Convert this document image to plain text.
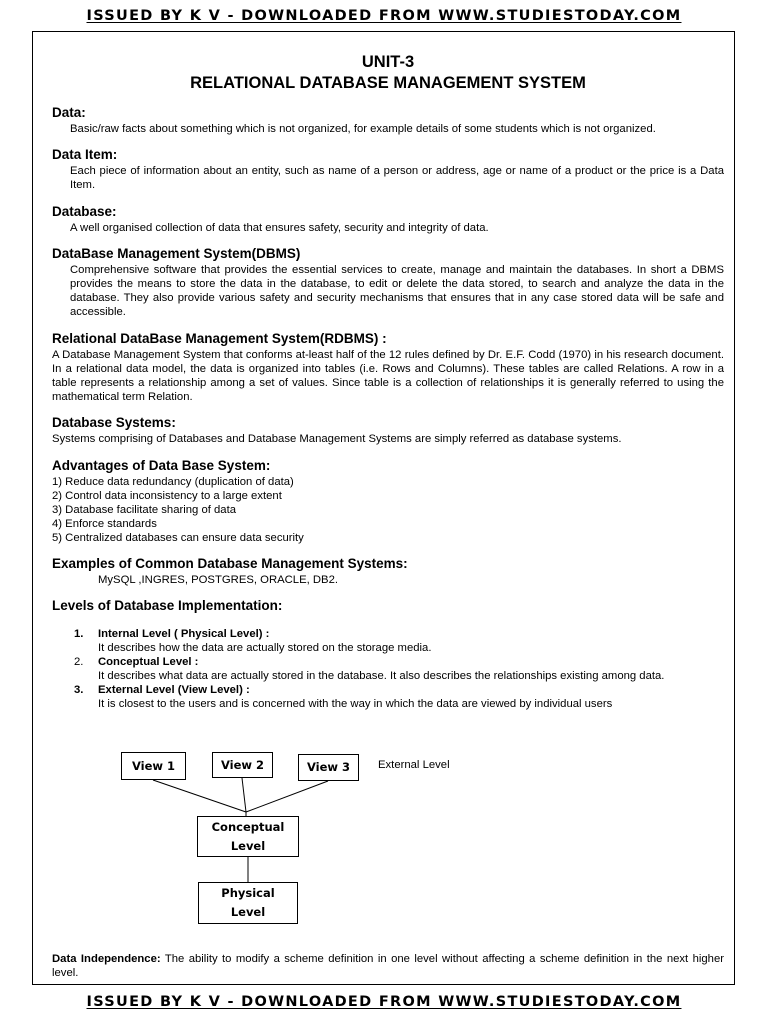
ISSUED BY K V - DOWNLOADED FROM WWW.STUDIESTODAY.COM
UNIT-3
RELATIONAL DATABASE MANAGEMENT SYSTEM
Data:
Basic/raw facts about something which is not organized, for example details of some students which is not organized.
Data Item:
Each piece of information about an entity, such as name of a person or address, age or name of a product or the price is a Data Item.
Database:
A well organised collection of data that ensures safety, security and integrity of data.
DataBase Management System(DBMS)
Comprehensive software that provides the essential services to create, manage and maintain the databases. In short a DBMS provides the means to store the data in the database, to edit or delete the data stored, to search and analyze the data in the database. They also provide various safety and security mechanisms that ensures that in any case stored data will be safe and accessible.
Relational DataBase Management System(RDBMS) :
A Database Management System that conforms at-least half of the 12 rules defined by Dr. E.F. Codd (1970) in his research document. In a relational data model, the data is organized into tables (i.e. Rows and Columns). These tables are called Relations. A row in a table represents a relationship among a set of values. Since table is a collection of relationships it is generally referred to using the mathematical term Relation.
Database Systems:
Systems comprising of Databases and Database Management Systems are simply referred as database systems.
Advantages of Data Base System:
1) Reduce data redundancy (duplication of data)
2) Control data inconsistency to a large extent
3) Database facilitate sharing of data
4) Enforce standards
5) Centralized databases can ensure data security
Examples of Common Database Management Systems:
MySQL ,INGRES, POSTGRES, ORACLE, DB2.
Levels of Database Implementation:
1.	Internal Level ( Physical Level) :
It describes how the data are actually stored on the storage media.
2.	Conceptual Level :
It describes what data are actually stored in the database. It also describes the relationships existing among data.
3.	External Level (View Level) :
It is closest to the users and is concerned with the way in which the data are viewed by individual users
View 1	View 2	View 3	External Level
Conceptual
Level
Physical
Level
Data Independence: The ability to modify a scheme definition in one level without affecting a scheme definition in the next higher level.
ISSUED BY K V - DOWNLOADED FROM WWW.STUDIESTODAY.COM
